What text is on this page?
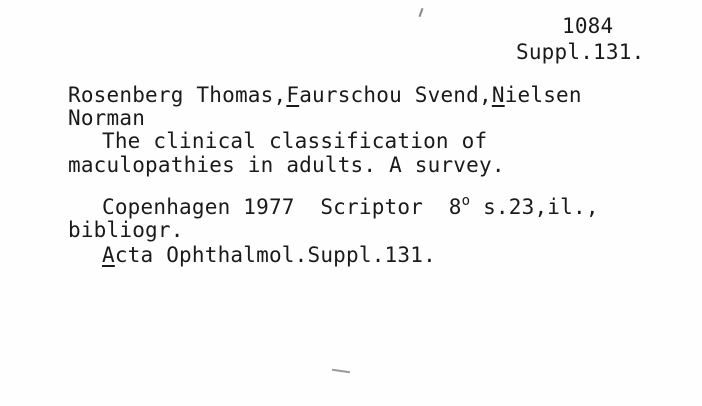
1084
Suppl.131.
Rosenberg Thomas,Faurschou Svend,Nielsen
Norman
The clinical classification of
maculopathies in adults. A survey.
Copenhagen 1977  Scriptor  8$^o$ s.23,il.,
bibliogr.
Acta Ophthalmol.Suppl.131.
